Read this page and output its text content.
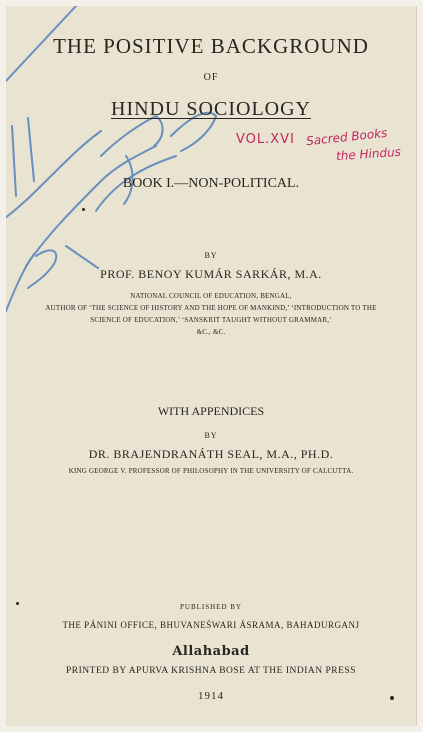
THE POSITIVE BACKGROUND
OF
HINDU SOCIOLOGY
VOL.XVI Sacred Books
the Hindus
BOOK I.—NON-POLITICAL.
BY
PROF. BENOY KUMÁR SARKÁR, M.A.
NATIONAL COUNCIL OF EDUCATION, BENGAL,
AUTHOR OF ‘THE SCIENCE OF HISTORY AND THE HOPE OF MANKIND,’ ‘INTRODUCTION TO THE
SCIENCE OF EDUCATION,’ ‘SANSKRIT TAUGHT WITHOUT GRAMMAR,’
&C., &C.
WITH APPENDICES
BY
DR. BRAJENDRANÁTH SEAL, M.A., PH.D.
KING GEORGE V. PROFESSOR OF PHILOSOPHY IN THE UNIVERSITY OF CALCUTTA.
PUBLISHED BY
THE PÁNINI OFFICE, BHUVANEŚWARI ÁSRAMA, BAHADURGANJ
Allahabad
PRINTED BY APURVA KRISHNA BOSE AT THE INDIAN PRESS
1914
